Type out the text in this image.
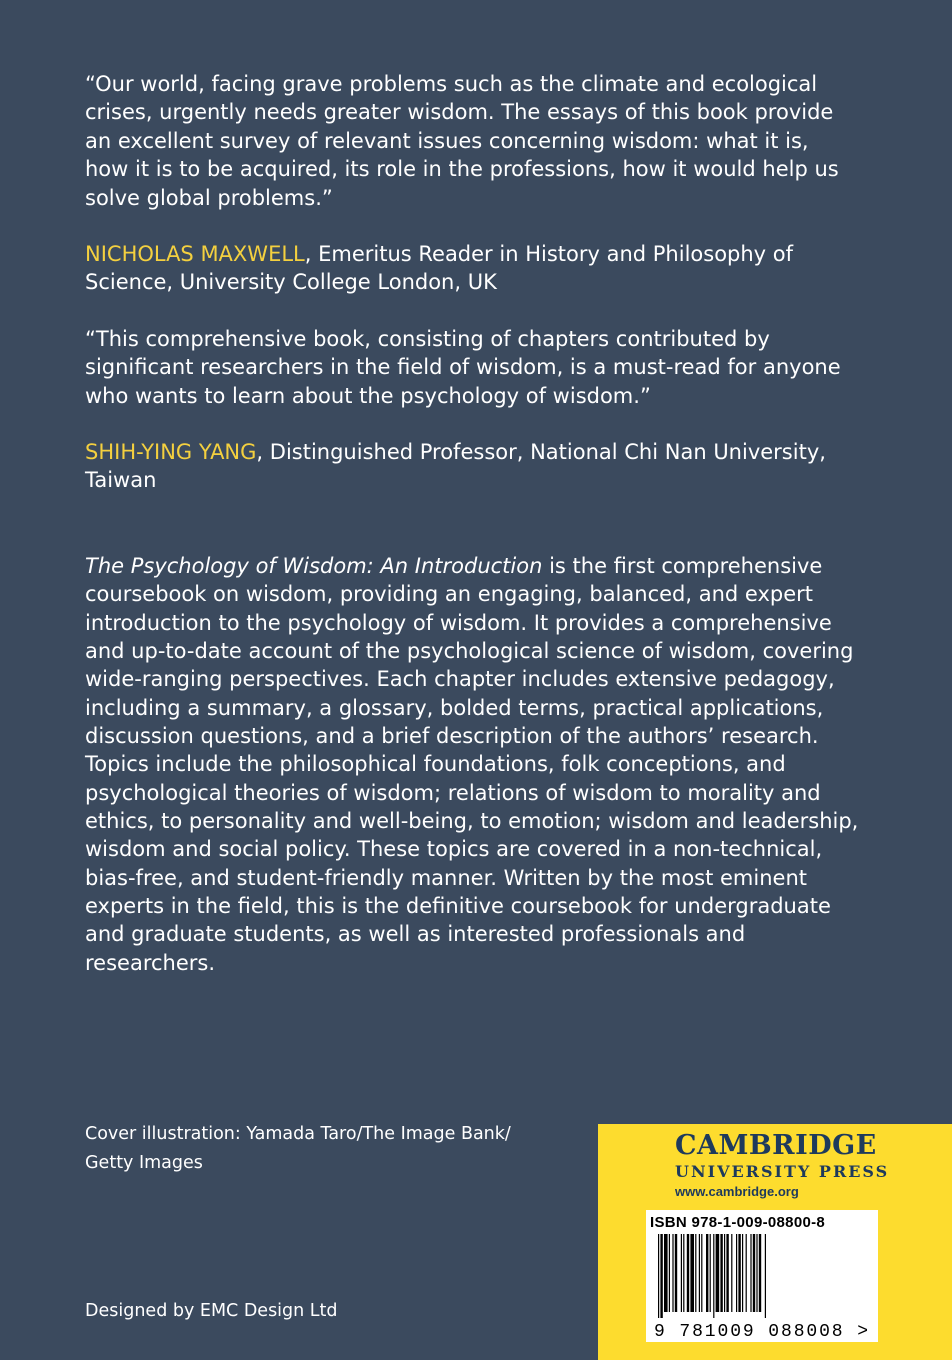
“Our world, facing grave problems such as the climate and ecological crises, urgently needs greater wisdom. The essays of this book provide an excellent survey of relevant issues concerning wisdom: what it is, how it is to be acquired, its role in the professions, how it would help us solve global problems.”

NICHOLAS MAXWELL, Emeritus Reader in History and Philosophy of Science, University College London, UK

“This comprehensive book, consisting of chapters contributed by significant researchers in the field of wisdom, is a must-read for anyone who wants to learn about the psychology of wisdom.”

SHIH-YING YANG, Distinguished Professor, National Chi Nan University, Taiwan

The Psychology of Wisdom: An Introduction is the first comprehensive coursebook on wisdom, providing an engaging, balanced, and expert introduction to the psychology of wisdom. It provides a comprehensive and up-to-date account of the psychological science of wisdom, covering wide-ranging perspectives. Each chapter includes extensive pedagogy, including a summary, a glossary, bolded terms, practical applications, discussion questions, and a brief description of the authors’ research. Topics include the philosophical foundations, folk conceptions, and psychological theories of wisdom; relations of wisdom to morality and ethics, to personality and well-being, to emotion; wisdom and leadership, wisdom and social policy. These topics are covered in a non-technical, bias-free, and student-friendly manner. Written by the most eminent experts in the field, this is the definitive coursebook for undergraduate and graduate students, as well as interested professionals and researchers.

Cover illustration: Yamada Taro/The Image Bank/ Getty Images
Designed by EMC Design Ltd
CAMBRIDGE
UNIVERSITY PRESS
www.cambridge.org
ISBN 978-1-009-08800-8
9 781009 088008 >
